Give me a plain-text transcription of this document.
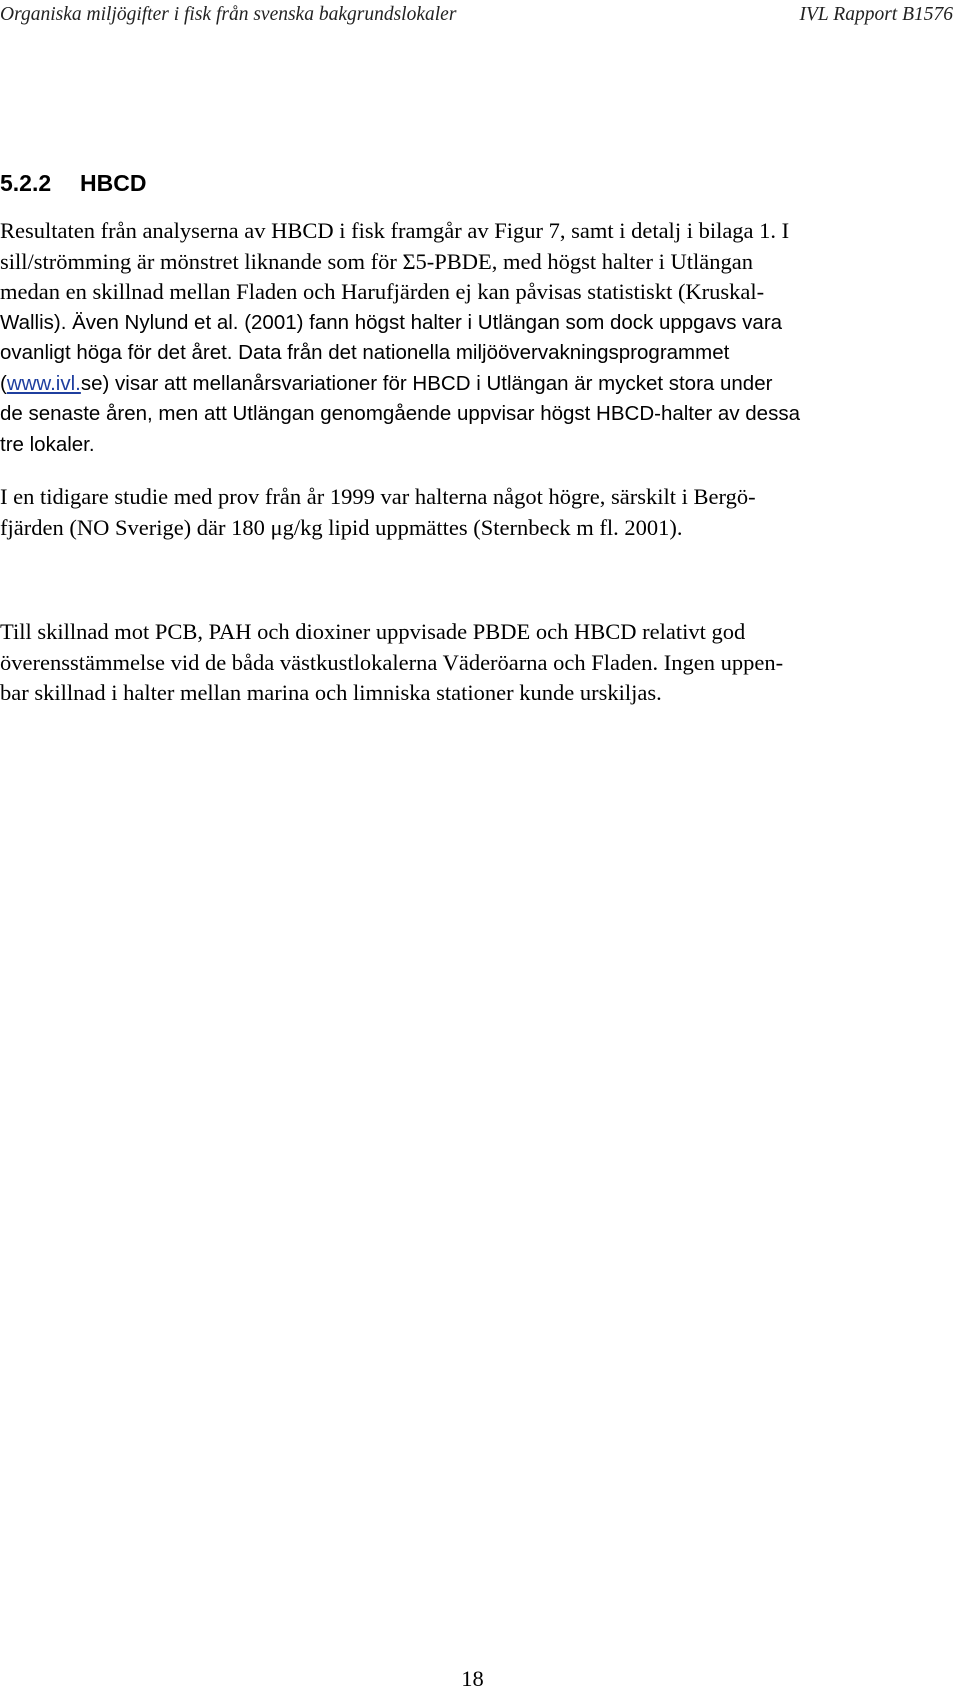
Organiska miljögifter i fisk från svenska bakgrundslokaler	IVL Rapport B1576
5.2.2 HBCD

Resultaten från analyserna av HBCD i fisk framgår av Figur 7, samt i detalj i bilaga 1. I
sill/strömming är mönstret liknande som för Σ5-PBDE, med högst halter i Utlängan
medan en skillnad mellan Fladen och Harufjärden ej kan påvisas statistiskt (Kruskal-
Wallis). Även Nylund et al. (2001) fann högst halter i Utlängan som dock uppgavs vara
ovanligt höga för det året. Data från det nationella miljöövervakningsprogrammet
(www.ivl.se) visar att mellanårsvariationer för HBCD i Utlängan är mycket stora under
de senaste åren, men att Utlängan genomgående uppvisar högst HBCD-halter av dessa
tre lokaler.

I en tidigare studie med prov från år 1999 var halterna något högre, särskilt i Bergö-
fjärden (NO Sverige) där 180 μg/kg lipid uppmättes (Sternbeck m fl. 2001).

Till skillnad mot PCB, PAH och dioxiner uppvisade PBDE och HBCD relativt god
överensstämmelse vid de båda västkustlokalerna Väderöarna och Fladen. Ingen uppen-
bar skillnad i halter mellan marina och limniska stationer kunde urskiljas.

18
